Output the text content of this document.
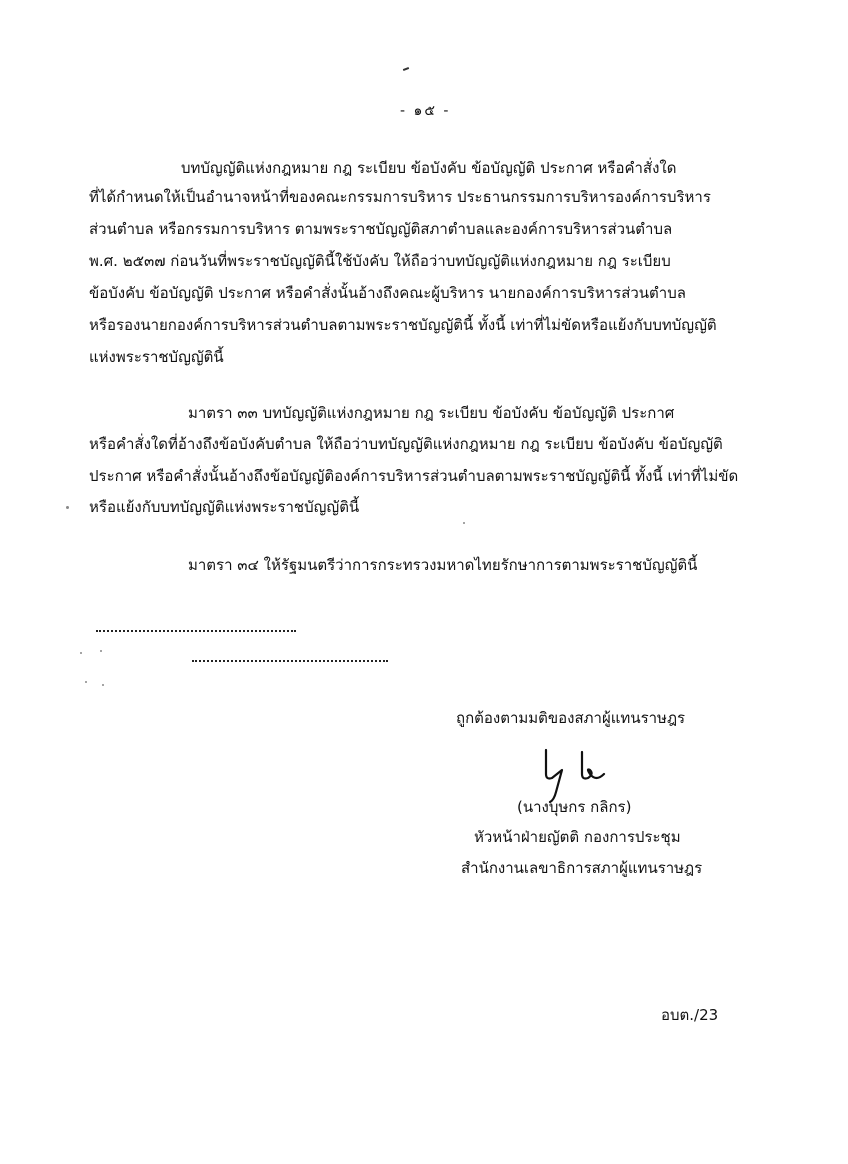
- ๑๕ -
บทบัญญัติแห่งกฎหมาย กฎ ระเบียบ ข้อบังคับ ข้อบัญญัติ ประกาศ หรือคำสั่งใด
ที่ได้กำหนดให้เป็นอำนาจหน้าที่ของคณะกรรมการบริหาร ประธานกรรมการบริหารองค์การบริหาร
ส่วนตำบล หรือกรรมการบริหาร ตามพระราชบัญญัติสภาตำบลและองค์การบริหารส่วนตำบล
พ.ศ. ๒๕๓๗ ก่อนวันที่พระราชบัญญัตินี้ใช้บังคับ ให้ถือว่าบทบัญญัติแห่งกฎหมาย กฎ ระเบียบ
ข้อบังคับ ข้อบัญญัติ ประกาศ หรือคำสั่งนั้นอ้างถึงคณะผู้บริหาร นายกองค์การบริหารส่วนตำบล
หรือรองนายกองค์การบริหารส่วนตำบลตามพระราชบัญญัตินี้ ทั้งนี้ เท่าที่ไม่ขัดหรือแย้งกับบทบัญญัติ
แห่งพระราชบัญญัตินี้
มาตรา ๓๓ บทบัญญัติแห่งกฎหมาย กฎ ระเบียบ ข้อบังคับ ข้อบัญญัติ ประกาศ
หรือคำสั่งใดที่อ้างถึงข้อบังคับตำบล ให้ถือว่าบทบัญญัติแห่งกฎหมาย กฎ ระเบียบ ข้อบังคับ ข้อบัญญัติ
ประกาศ หรือคำสั่งนั้นอ้างถึงข้อบัญญัติองค์การบริหารส่วนตำบลตามพระราชบัญญัตินี้ ทั้งนี้ เท่าที่ไม่ขัด
หรือแย้งกับบทบัญญัติแห่งพระราชบัญญัตินี้
มาตรา ๓๔ ให้รัฐมนตรีว่าการกระทรวงมหาดไทยรักษาการตามพระราชบัญญัตินี้
ถูกต้องตามมติของสภาผู้แทนราษฎร
(นางบุษกร กลิกร)
หัวหน้าฝ่ายญัตติ กองการประชุม
สำนักงานเลขาธิการสภาผู้แทนราษฎร
อบต./23
